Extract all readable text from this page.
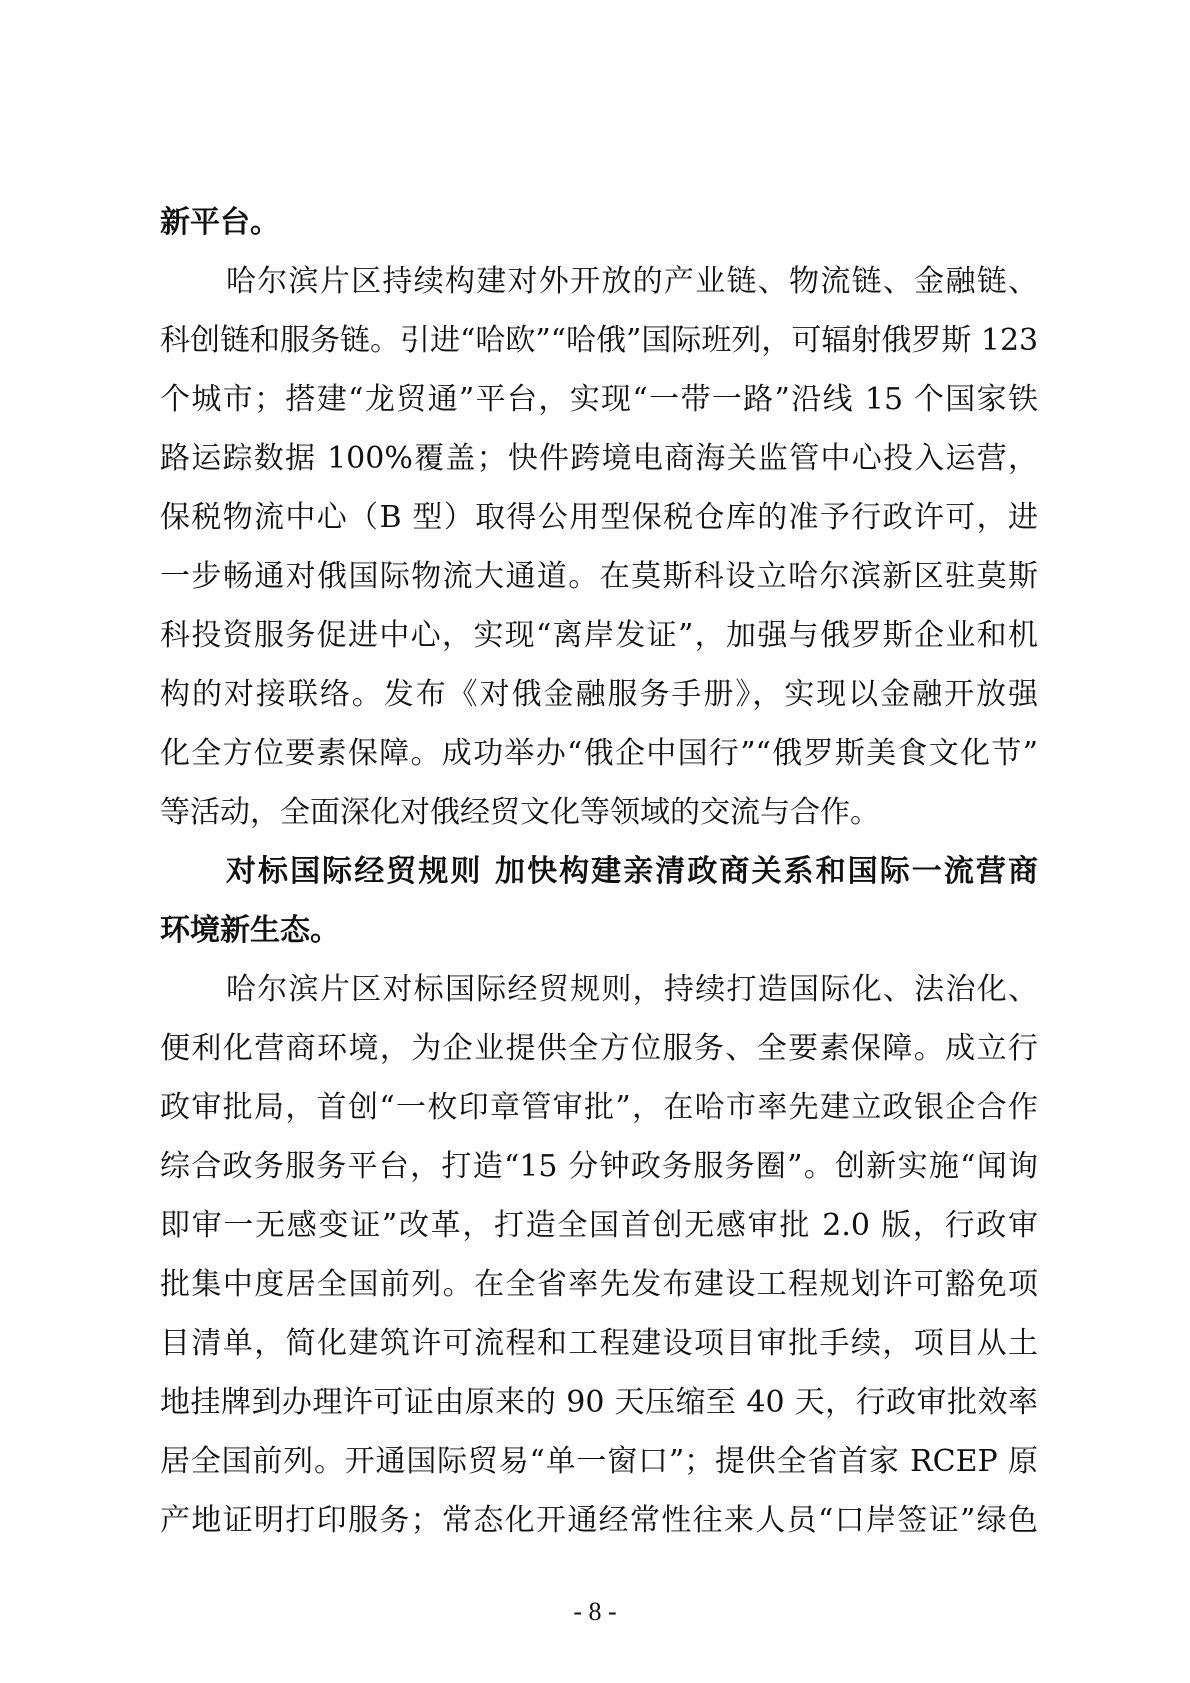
新平台。
哈尔滨片区持续构建对外开放的产业链、物流链、金融链、
科创链和服务链。引进“哈欧”“哈俄”国际班列，可辐射俄罗斯 123
个城市；搭建“龙贸通”平台，实现“一带一路”沿线 15 个国家铁
路运踪数据 100%覆盖；快件跨境电商海关监管中心投入运营，
保税物流中心（B 型）取得公用型保税仓库的准予行政许可，进
一步畅通对俄国际物流大通道。在莫斯科设立哈尔滨新区驻莫斯
科投资服务促进中心，实现“离岸发证”，加强与俄罗斯企业和机
构的对接联络。发布《对俄金融服务手册》，实现以金融开放强
化全方位要素保障。成功举办“俄企中国行”“俄罗斯美食文化节”
等活动，全面深化对俄经贸文化等领域的交流与合作。
对标国际经贸规则 加快构建亲清政商关系和国际一流营商
环境新生态。
哈尔滨片区对标国际经贸规则，持续打造国际化、法治化、
便利化营商环境，为企业提供全方位服务、全要素保障。成立行
政审批局，首创“一枚印章管审批”，在哈市率先建立政银企合作
综合政务服务平台，打造“15 分钟政务服务圈”。创新实施“闻询
即审一无感变证”改革，打造全国首创无感审批 2.0 版，行政审
批集中度居全国前列。在全省率先发布建设工程规划许可豁免项
目清单，简化建筑许可流程和工程建设项目审批手续，项目从土
地挂牌到办理许可证由原来的 90 天压缩至 40 天，行政审批效率
居全国前列。开通国际贸易“单一窗口”；提供全省首家 RCEP 原
产地证明打印服务；常态化开通经常性往来人员“口岸签证”绿色
- 8 -
